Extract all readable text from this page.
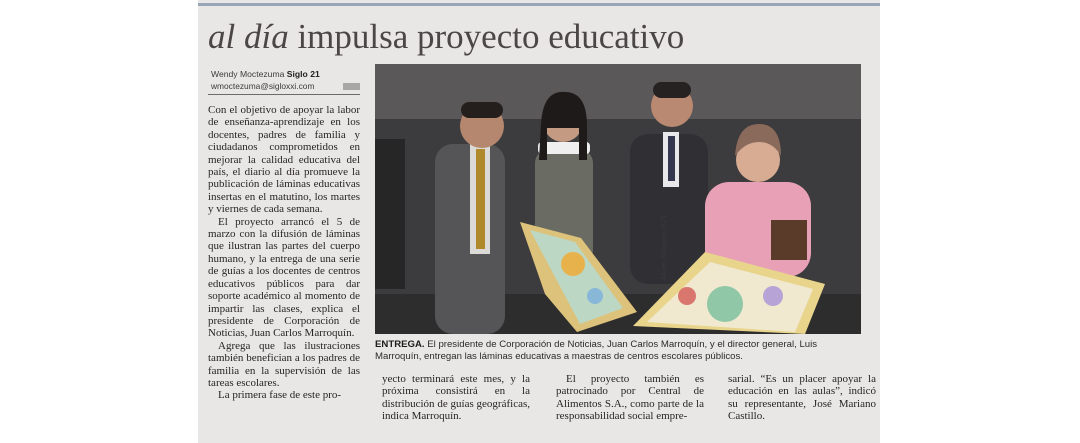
al día impulsa proyecto educativo
Wendy Moctezuma Siglo 21
wmoctezuma@sigloxxi.com

Con el objetivo de apoyar la labor de enseñanza-aprendizaje en los docentes, padres de familia y ciudadanos comprometidos en mejorar la calidad educativa del país, el diario al día promueve la publicación de láminas educativas insertas en el matutino, los martes y viernes de cada semana.

El proyecto arrancó el 5 de marzo con la difusión de láminas que ilustran las partes del cuerpo humano, y la entrega de una serie de guías a los docentes de centros educativos públicos para dar soporte académico al momento de impartir las clases, explica el presidente de Corporación de Noticias, Juan Carlos Marroquín.

Agrega que las ilustraciones también benefician a los padres de familia en la supervisión de las tareas escolares.

La primera fase de este pro-

Abner Salguero /S21
ENTREGA. El presidente de Corporación de Noticias, Juan Carlos Marroquín, y el director general, Luis Marroquín, entregan las láminas educativas a maestras de centros escolares públicos.

yecto terminará este mes, y la próxima consistirá en la distribución de guías geográficas, indica Marroquín.

El proyecto también es patrocinado por Central de Alimentos S.A., como parte de la responsabilidad social empre-

sarial. “Es un placer apoyar la educación en las aulas”, indicó su representante, José Mariano Castillo.
